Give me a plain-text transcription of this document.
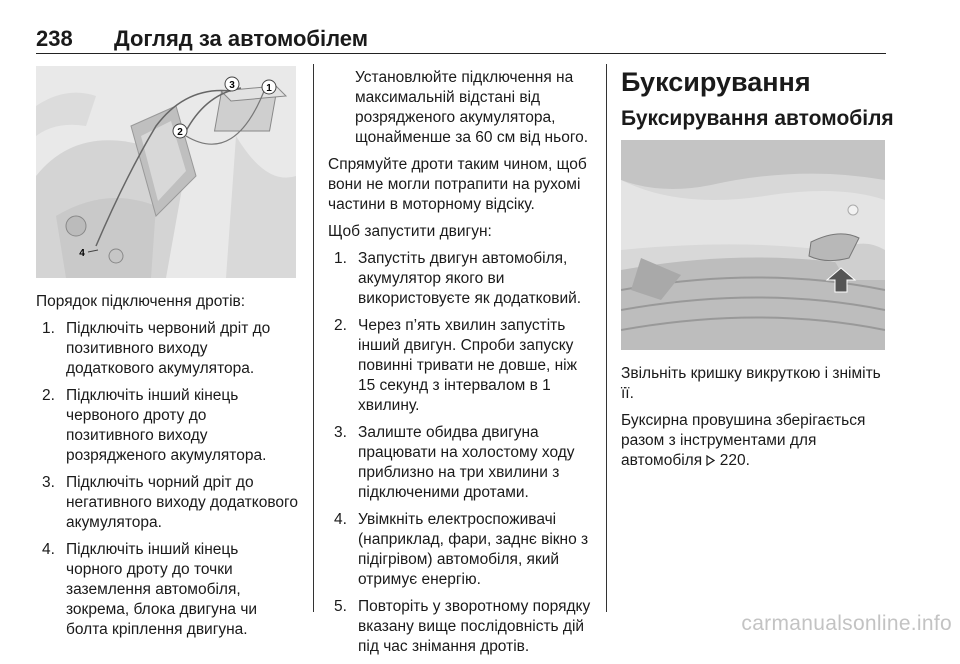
238 Догляд за автомобілем
1
2
3
4

Порядок підключення дротів:

1. Підключіть червоний дріт до позитивного виходу додаткового акумулятора.
2. Підключіть інший кінець червоного дроту до позитивного виходу розрядженого акумулятора.
3. Підключіть чорний дріт до негативного виходу додаткового акумулятора.
4. Підключіть інший кінець чорного дроту до точки заземлення автомобіля, зокрема, блока двигуна чи болта кріплення двигуна.

Установлюйте підключення на максимальній відстані від розрядженого акумулятора, щонайменше за 60 см від нього.

Спрямуйте дроти таким чином, щоб вони не могли потрапити на рухомі частини в моторному відсіку.

Щоб запустити двигун:

1. Запустіть двигун автомобіля, акумулятор якого ви використовуєте як додатковий.
2. Через п’ять хвилин запустіть інший двигун. Спроби запуску повинні тривати не довше, ніж 15 секунд з інтервалом в 1 хвилину.
3. Залиште обидва двигуна працювати на холостому ходу приблизно на три хвилини з підключеними дротами.
4. Увімкніть електроспоживачі (наприклад, фари, заднє вікно з підігрівом) автомобіля, який отримує енергію.
5. Повторіть у зворотному порядку вказану вище послідовність дій під час знімання дротів.
Буксирування
Буксирування автомобіля

Звільніть кришку викруткою і зніміть її.

Буксирна провушина зберігається разом з інструментами для автомобіля 220.

carmanualsonline.info
